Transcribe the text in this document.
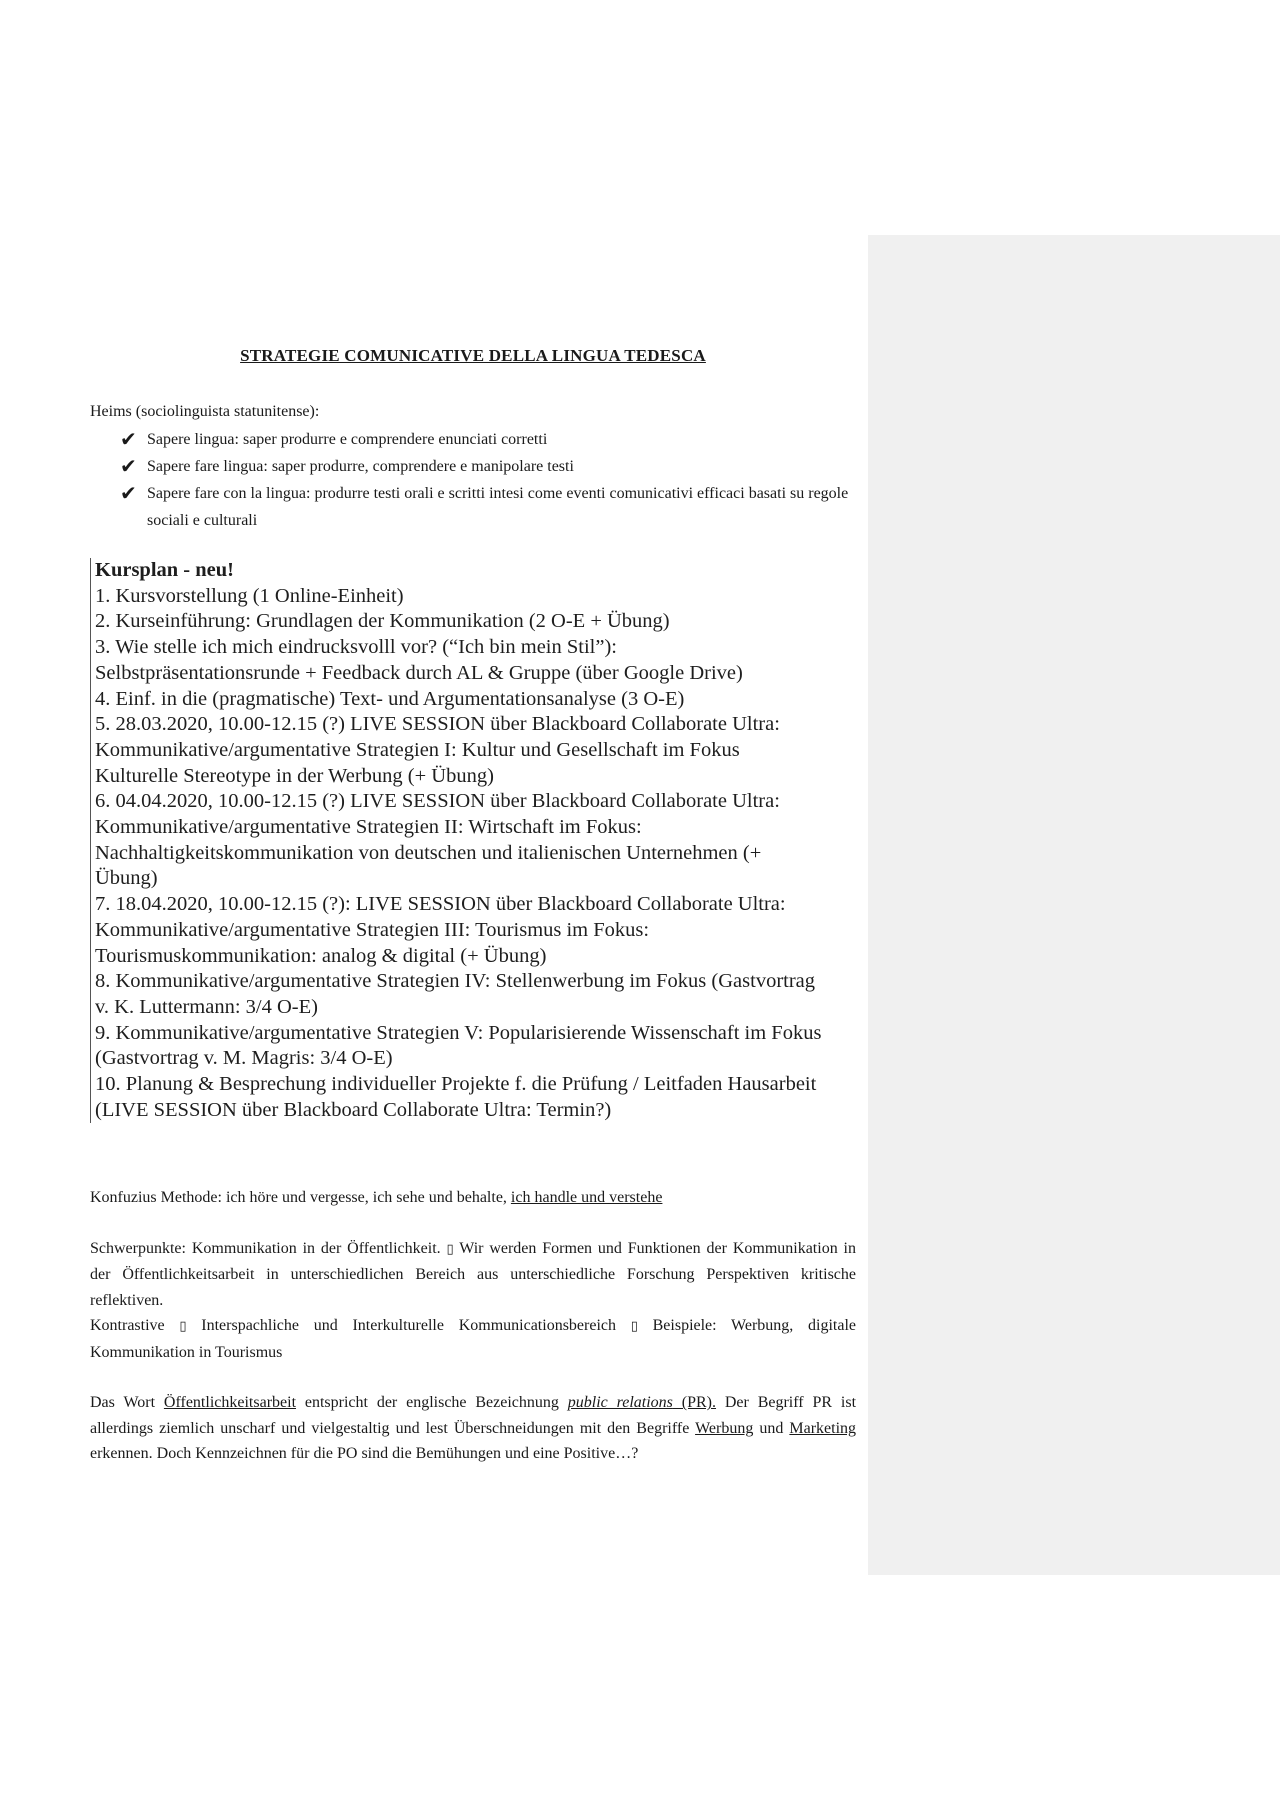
STRATEGIE COMUNICATIVE DELLA LINGUA TEDESCA

Heims (sociolinguista statunitense):

✔ Sapere lingua: saper produrre e comprendere enunciati corretti
✔ Sapere fare lingua: saper produrre, comprendere e manipolare testi
✔ Sapere fare con la lingua: produrre testi orali e scritti intesi come eventi comunicativi efficaci basati su regole sociali e culturali
Kursplan - neu!
1. Kursvorstellung (1 Online-Einheit)
2. Kurseinführung: Grundlagen der Kommunikation (2 O-E + Übung)
3. Wie stelle ich mich eindrucksvolll vor? (“Ich bin mein Stil”):
Selbstpräsentationsrunde + Feedback durch AL & Gruppe (über Google Drive)
4. Einf. in die (pragmatische) Text- und Argumentationsanalyse (3 O-E)
5. 28.03.2020, 10.00-12.15 (?) LIVE SESSION über Blackboard Collaborate Ultra:
Kommunikative/argumentative Strategien I: Kultur und Gesellschaft im Fokus
Kulturelle Stereotype in der Werbung (+ Übung)
6. 04.04.2020, 10.00-12.15 (?) LIVE SESSION über Blackboard Collaborate Ultra:
Kommunikative/argumentative Strategien II: Wirtschaft im Fokus:
Nachhaltigkeitskommunikation von deutschen und italienischen Unternehmen (+
Übung)
7. 18.04.2020, 10.00-12.15 (?): LIVE SESSION über Blackboard Collaborate Ultra:
Kommunikative/argumentative Strategien III: Tourismus im Fokus:
Tourismuskommunikation: analog & digital (+ Übung)
8. Kommunikative/argumentative Strategien IV: Stellenwerbung im Fokus (Gastvortrag
v. K. Luttermann: 3/4 O-E)
9. Kommunikative/argumentative Strategien V: Popularisierende Wissenschaft im Fokus
(Gastvortrag v. M. Magris: 3/4 O-E)
10. Planung & Besprechung individueller Projekte f. die Prüfung / Leitfaden Hausarbeit
(LIVE SESSION über Blackboard Collaborate Ultra: Termin?)

Konfuzius Methode: ich höre und vergesse, ich sehe und behalte, ich handle und verstehe

Schwerpunkte: Kommunikation in der Öffentlichkeit. ▯ Wir werden Formen und Funktionen der Kommunikation in der Öffentlichkeitsarbeit in unterschiedlichen Bereich aus unterschiedliche Forschung Perspektiven kritische reflektiven.

Kontrastive ▯ Interspachliche und Interkulturelle Kommunicationsbereich ▯ Beispiele: Werbung, digitale Kommunikation in Tourismus

Das Wort Öffentlichkeitsarbeit entspricht der englische Bezeichnung public relations (PR). Der Begriff PR ist allerdings ziemlich unscharf und vielgestaltig und lest Überschneidungen mit den Begriffe Werbung und Marketing erkennen. Doch Kennzeichnen für die PO sind die Bemühungen und eine Positive…?
